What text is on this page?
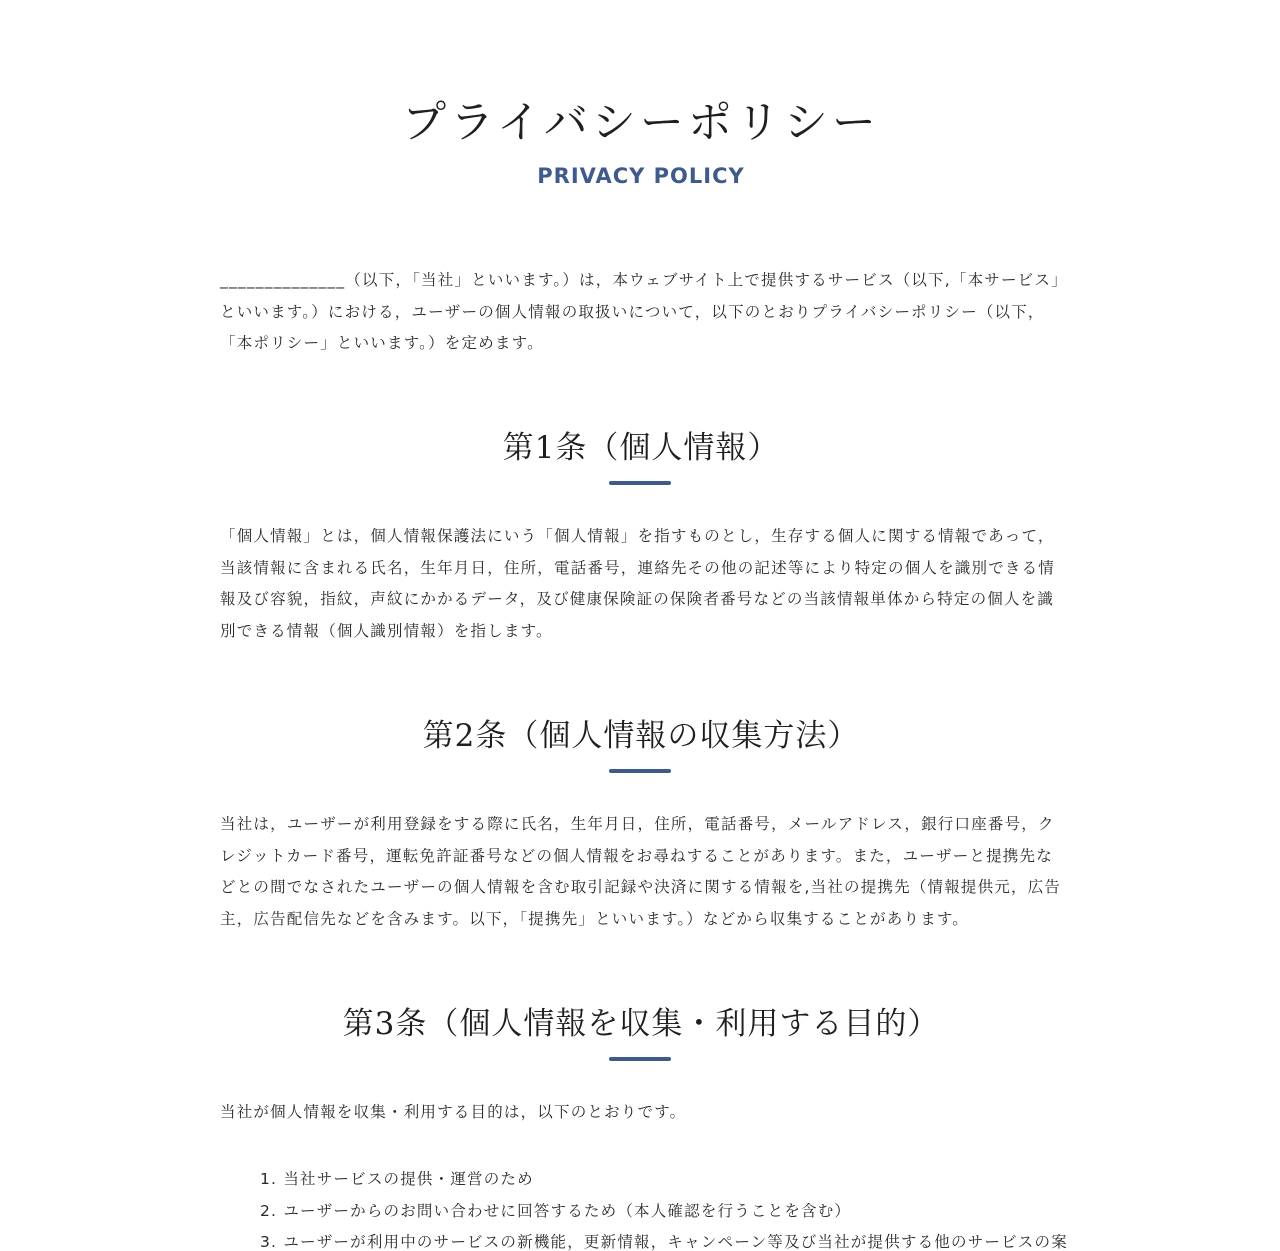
プライバシーポリシー
PRIVACY POLICY

______________（以下，「当社」といいます。）は，本ウェブサイト上で提供するサービス（以下,「本サービス」といいます。）における，ユーザーの個人情報の取扱いについて，以下のとおりプライバシーポリシー（以下，「本ポリシー」といいます。）を定めます。

第1条（個人情報）

「個人情報」とは，個人情報保護法にいう「個人情報」を指すものとし，生存する個人に関する情報であって，当該情報に含まれる氏名，生年月日，住所，電話番号，連絡先その他の記述等により特定の個人を識別できる情報及び容貌，指紋，声紋にかかるデータ，及び健康保険証の保険者番号などの当該情報単体から特定の個人を識別できる情報（個人識別情報）を指します。

第2条（個人情報の収集方法）

当社は，ユーザーが利用登録をする際に氏名，生年月日，住所，電話番号，メールアドレス，銀行口座番号，クレジットカード番号，運転免許証番号などの個人情報をお尋ねすることがあります。また，ユーザーと提携先などとの間でなされたユーザーの個人情報を含む取引記録や決済に関する情報を,当社の提携先（情報提供元，広告主，広告配信先などを含みます。以下，「提携先」といいます。）などから収集することがあります。

第3条（個人情報を収集・利用する目的）

当社が個人情報を収集・利用する目的は，以下のとおりです。

1. 当社サービスの提供・運営のため
2. ユーザーからのお問い合わせに回答するため（本人確認を行うことを含む）
3. ユーザーが利用中のサービスの新機能，更新情報，キャンペーン等及び当社が提供する他のサービスの案
